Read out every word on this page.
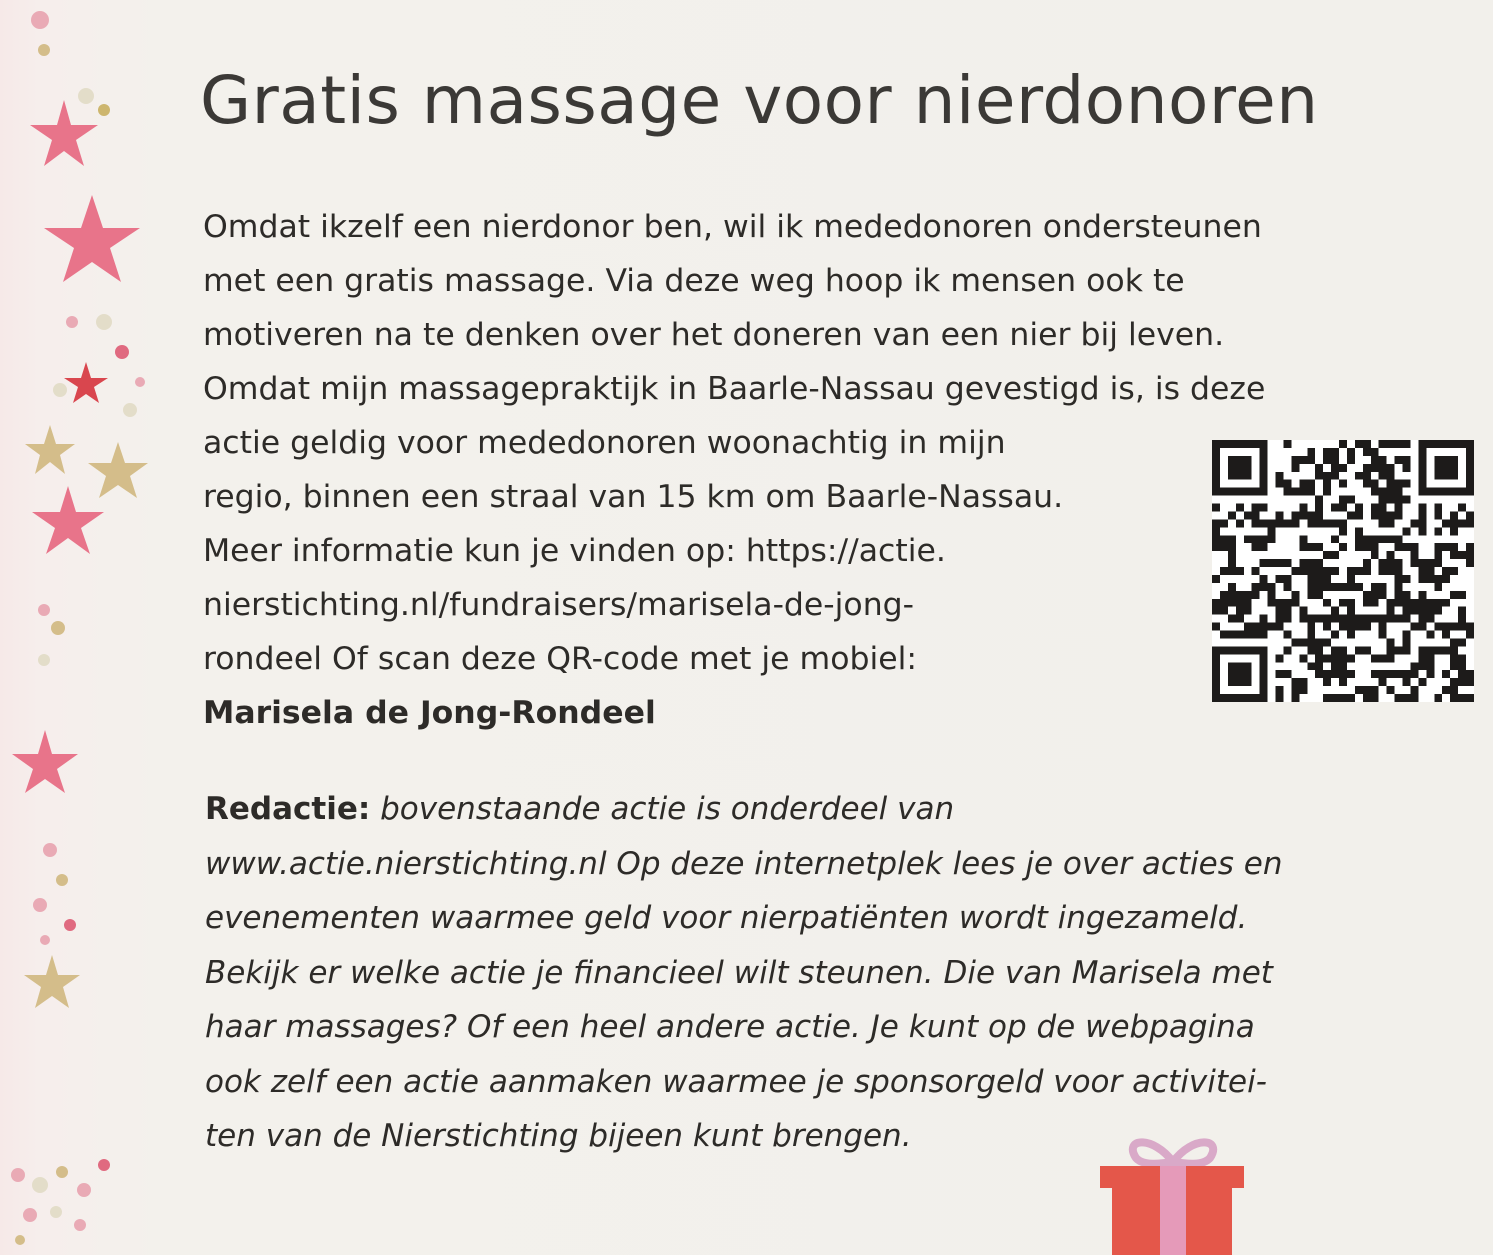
Gratis massage voor nierdonoren
Omdat ikzelf een nierdonor ben, wil ik mededonoren ondersteunen
met een gratis massage. Via deze weg hoop ik mensen ook te
motiveren na te denken over het doneren van een nier bij leven.
Omdat mijn massagepraktijk in Baarle-Nassau gevestigd is, is deze
actie geldig voor mededonoren woonachtig in mijn
regio, binnen een straal van 15 km om Baarle-Nassau.
Meer informatie kun je vinden op: https://actie.
nierstichting.nl/fundraisers/marisela-de-jong-
rondeel Of scan deze QR-code met je mobiel:
Marisela de Jong-Rondeel
Redactie: bovenstaande actie is onderdeel van
www.actie.nierstichting.nl Op deze internetplek lees je over acties en
evenementen waarmee geld voor nierpatiënten wordt ingezameld.
Bekijk er welke actie je financieel wilt steunen. Die van Marisela met
haar massages? Of een heel andere actie. Je kunt op de webpagina
ook zelf een actie aanmaken waarmee je sponsorgeld voor activitei-
ten van de Nierstichting bijeen kunt brengen.
